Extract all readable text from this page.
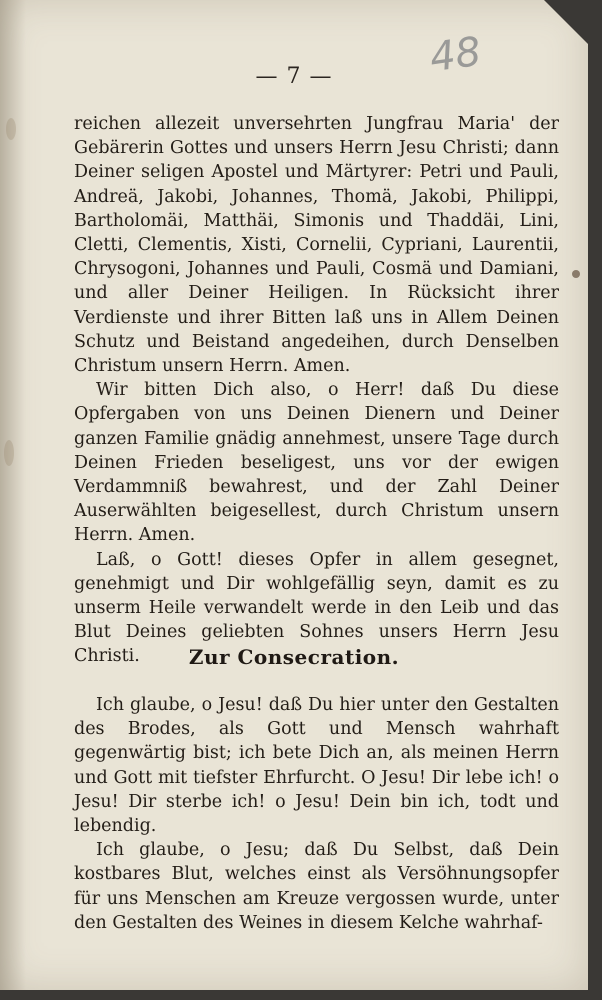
— 7 —	48

reichen allezeit unversehrten Jungfrau Maria' der Gebärerin Gottes und unsers Herrn Jesu Christi; dann Deiner seligen Apostel und Märtyrer: Petri und Pauli, Andreä, Jakobi, Johannes, Thomä, Jakobi, Philippi, Bartholomäi, Matthäi, Simonis und Thaddäi, Lini, Cletti, Clementis, Xisti, Cornelii, Cypriani, Laurentii, Chrysogoni, Johannes und Pauli, Cosmä und Damiani, und aller Deiner Heiligen. In Rücksicht ihrer Verdienste und ihrer Bitten laß uns in Allem Deinen Schutz und Beistand angedeihen, durch Denselben Christum unsern Herrn. Amen.

Wir bitten Dich also, o Herr! daß Du diese Opfergaben von uns Deinen Dienern und Deiner ganzen Familie gnädig annehmest, unsere Tage durch Deinen Frieden beseligest, uns vor der ewigen Verdammniß bewahrest, und der Zahl Deiner Auserwählten beigesellest, durch Christum unsern Herrn. Amen.

Laß, o Gott! dieses Opfer in allem gesegnet, genehmigt und Dir wohlgefällig seyn, damit es zu unserm Heile verwandelt werde in den Leib und das Blut Deines geliebten Sohnes unsers Herrn Jesu Christi.	Zur Consecration.

Ich glaube, o Jesu! daß Du hier unter den Gestalten des Brodes, als Gott und Mensch wahrhaft gegenwärtig bist; ich bete Dich an, als meinen Herrn und Gott mit tiefster Ehrfurcht. O Jesu! Dir lebe ich! o Jesu! Dir sterbe ich! o Jesu! Dein bin ich, todt und lebendig.

Ich glaube, o Jesu; daß Du Selbst, daß Dein kostbares Blut, welches einst als Versöhnungsopfer für uns Menschen am Kreuze vergossen wurde, unter den Gestalten des Weines in diesem Kelche wahrhaf-
